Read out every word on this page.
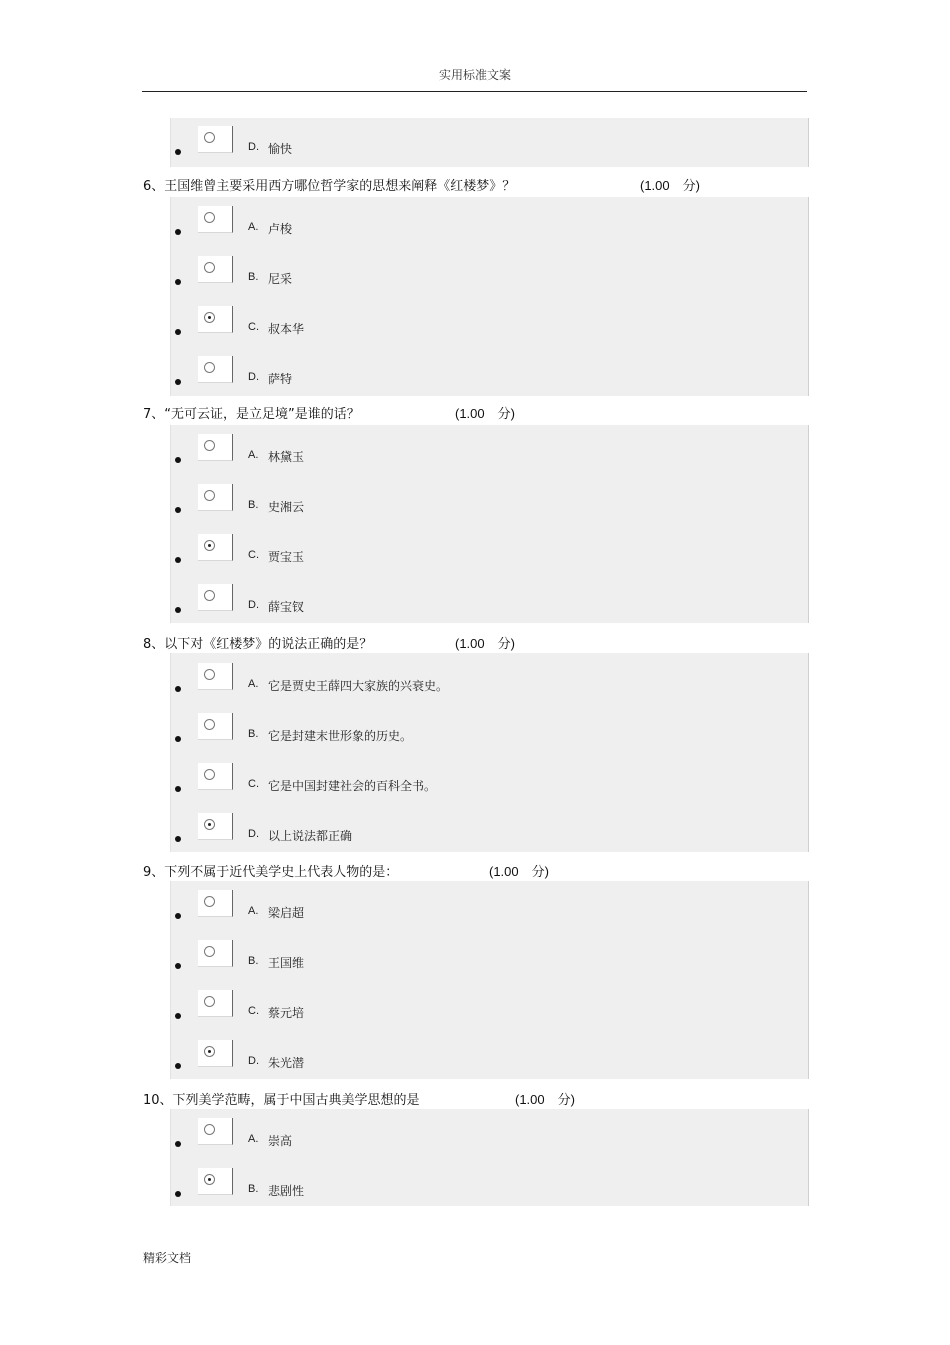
实用标准文案
D. 愉快
6、王国维曾主要采用西方哪位哲学家的思想来阐释《红楼梦》？	(1.00　分)
A. 卢梭
B. 尼采
C. 叔本华
D. 萨特
7、“无可云证，是立足境”是谁的话？	(1.00　分)
A. 林黛玉
B. 史湘云
C. 贾宝玉
D. 薛宝钗
8、以下对《红楼梦》的说法正确的是？	(1.00　分)
A. 它是贾史王薛四大家族的兴衰史。
B. 它是封建末世形象的历史。
C. 它是中国封建社会的百科全书。
D. 以上说法都正确
9、下列不属于近代美学史上代表人物的是：	(1.00　分)
A. 梁启超
B. 王国维
C. 蔡元培
D. 朱光潜
10、下列美学范畴，属于中国古典美学思想的是	(1.00　分)
A. 崇高
B. 悲剧性
精彩文档
